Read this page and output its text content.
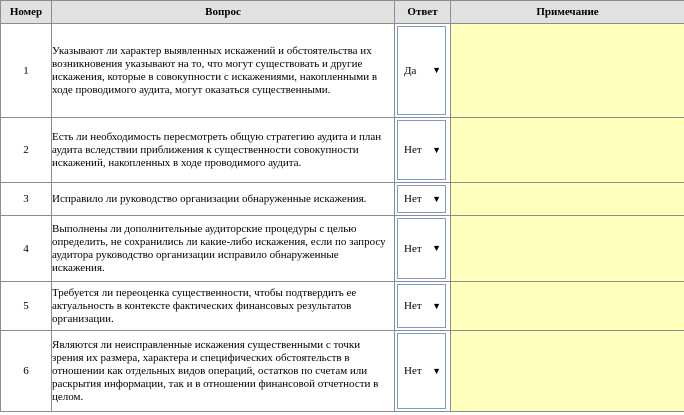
Номер	Вопрос	Ответ	Примечание
1	Указывают ли характер выявленных искажений и обстоятельства их возникновения указывают на то, что могут существовать и другие искажения, которые в совокупности с искажениями, накопленными в ходе проводимого аудита, могут оказаться существенными.	Да ▼	

2	Есть ли необходимость пересмотреть общую стратегию аудита и план аудита вследствии приближения к существенности совокупности искажений, накопленных в ходе проводимого аудита.	Нет ▼	

3	Исправило ли руководство организации обнаруженные искажения.	Нет ▼	

4	Выполнены ли дополнительные аудиторские процедуры с целью определить, не сохранились ли какие-либо искажения, если по запросу аудитора руководство организации исправило обнаруженные искажения.	Нет ▼	

5	Требуется ли переоценка существенности, чтобы подтвердить ее актуальность в контексте фактических финансовых результатов организации.	Нет ▼	

6	Являются ли неисправленные искажения существенными с точки зрения их размера, характера и специфических обстоятельств в отношении как отдельных видов операций, остатков по счетам или раскрытия информации, так и в отношении финансовой отчетности в целом.	Нет ▼	
